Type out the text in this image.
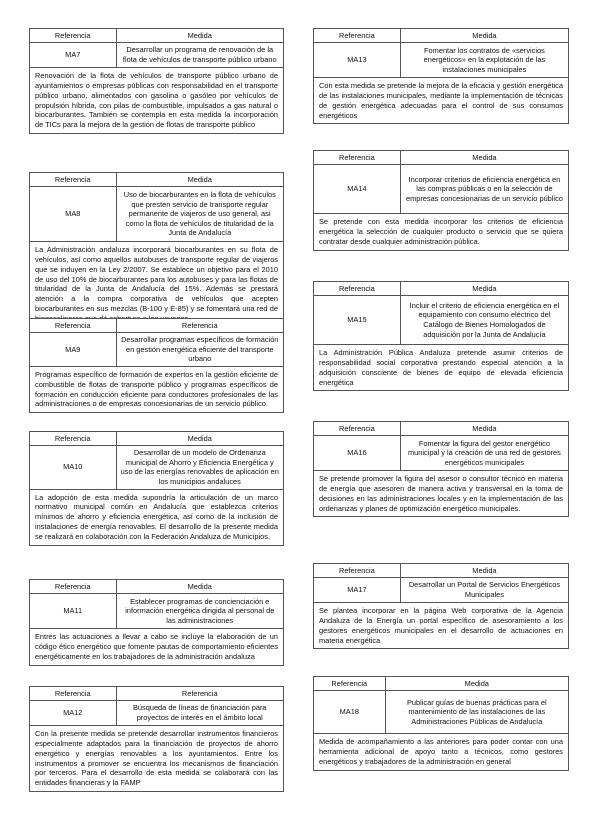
Referencia	Medida
MA7	Desarrollar un programa de renovación de la flota de vehículos de transporte público urbano
Renovación de la flota de vehículos de transporte público urbano de ayuntamientos o empresas públicas con responsabilidad en el transporte público urbano, alimentados con gasolina o gasóleo por vehículos de propulsión híbrida, con pilas de combustible, impulsados a gas natural o biocarburantes. También se contempla en esta medida la incorporación de TICs para la mejora de la gestión de flotas de transporte público
Referencia	Medida
MA8	Uso de biocarburantes en la flota de vehículos que presten servicio de transporte regular permanente de viajeros de uso general, así como la flota de vehículos de titularidad de la Junta de Andalucía
La Administración andaluza incorporará biocarburantes en su flota de vehículos, así como aquellos autobuses de transporte regular de viajeros que se induyen en la Ley 2/2007. Se establece un objetivo para el 2010 de uso del 10% de biocarburantes para los autobuses y para las flotas de titularidad de la Junta de Andalucía del 15%. Además se prestará atención a la compra corporativa de vehículos que acepten biocarburantes en sus mezclas (B-100 y E-85) y se fomentará una red de
Referencia	Referencia
MA9	Desarrollar programas específicos de formación en gestión energética eficiente del transporte urbano
Programas específico de formación de expertos en la gestión eficiente de combustible de flotas de transporte público y programas específicos de formación en conducción eficiente para conductores profesionales de las administraciones o de empresas concesionarias de un servicio público.
Referencia	Medida
MA10	Desarrollar de un modelo de Ordenanza municipal de Ahorro y Eficiencia Energética y uso de las energías renovables de aplicación en los municipios andaluces
La adopción de esta medida supondría la articulación de un marco normativo municipal común en Andalucía que establezca criterios mínimos de ahorro y eficiencia energética, así como de la inclusión de instalaciones de energía renovables. El desarrollo de la presente medida se realizará en colaboración con la Federación Andaluza de Municipios.
Referencia	Medida
MA11	Establecer programas de concienciación e información energética dirigida al personal de las administraciones
Entres las actuaciones a llevar a cabo se incluye la elaboración de un código ético energético que fomente pautas de comportamiento eficientes energéticamente en los trabajadores de la administración andaluza
Referencia	Referencia
MA12	Búsqueda de líneas de financiación para proyectos de interés en el ámbito local
Con la presente medida se pretende desarrollar instrumentos financieros especialmente adaptados para la financiación de proyectos de ahorro energético y energías renovables a los ayuntamientos. Entre los instrumentos a promover se encuentra los mecanismos de financiación por terceros. Para el desarrollo de esta medida se colaborará con las entidades financieras y la FAMP
Referencia	Medida
MA13	Fomentar los contratos de «servicios energéticos» en la explotación de las instalaciones municipales
Con esta medida se pretende la mejora de la eficacia y gestión energética de las instalaciones municipales, mediante la implementación de técnicas de gestión energética adecuadas para el control de sus consumos energéticos
Referencia	Medida
MA14	Incorporar criterios de eficiencia energética en las compras públicas o en la selección de empresas concesionarias de un servicio público
Se pretende con esta medida incorporar los criterios de eficiencia energética la selección de cualquier producto o servicio que se quiera contratar desde cualquier administración pública.
Referencia	Medida
MA15	Incluir el criterio de eficiencia energética en el equipamiento con consumo eléctrico del Catálogo de Bienes Homologados de adquisición por la Junta de Andalucía
La Administración Pública Andaluza pretende asumir criterios de responsabilidad social corporativa prestando especial atención a la adquisición consciente de bienes de equipo de elevada eficiencia energética
Referencia	Medida
MA16	Fomentar la figura del gestor energético municipal y la creación de una red de gestores energéticos municipales
Se pretende promover la figura del asesor o consultor técnico en materia de energía que asesoren de manera activa y transversal en la toma de decisiones en las administraciones locales y en la implementación de las ordenanzas y planes de optimización energético municipales.
Referencia	Medida
MA17	Desarrollar un Portal de Servicios Energéticos Municipales
Se plantea incorporar en la página Web corporativa de la Agencia Andaluza de la Energía un portal específico de asesoramiento a los gestores energéticos municipales en el desarrollo de actuaciones en materia energética
Referencia	Medida
MA18	Publicar guías de buenas prácticas para el mantenimiento de las instalaciones de las Administraciones Públicas de Andalucía
Medida de acompañamiento a las anteriores para poder contar con una herramienta adicional de apoyo tanto a técnicos, como gestores energéticos y trabajadores de la administración en general
